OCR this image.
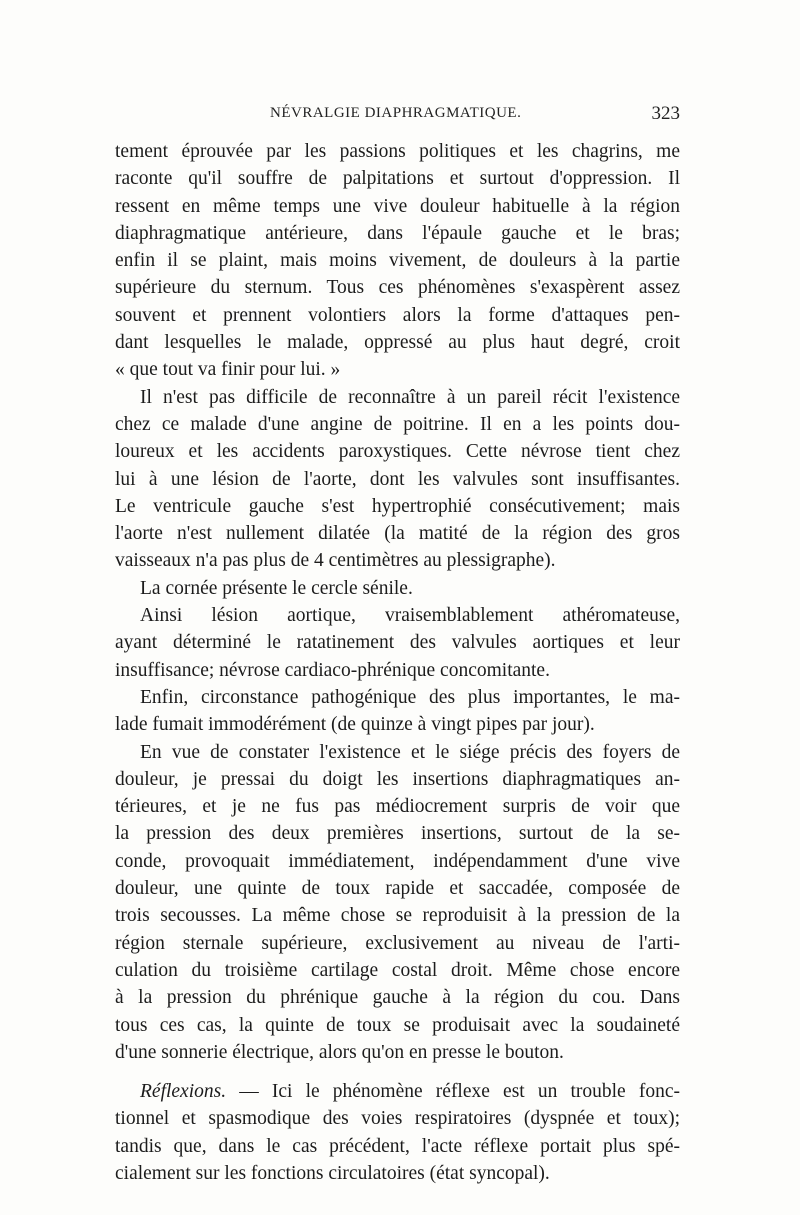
NÉVRALGIE DIAPHRAGMATIQUE.	323
tement éprouvée par les passions politiques et les chagrins, me
raconte qu'il souffre de palpitations et surtout d'oppression. Il
ressent en même temps une vive douleur habituelle à la région
diaphragmatique antérieure, dans l'épaule gauche et le bras;
enfin il se plaint, mais moins vivement, de douleurs à la partie
supérieure du sternum. Tous ces phénomènes s'exaspèrent assez
souvent et prennent volontiers alors la forme d'attaques pen-
dant lesquelles le malade, oppressé au plus haut degré, croit
« que tout va finir pour lui. »
Il n'est pas difficile de reconnaître à un pareil récit l'existence
chez ce malade d'une angine de poitrine. Il en a les points dou-
loureux et les accidents paroxystiques. Cette névrose tient chez
lui à une lésion de l'aorte, dont les valvules sont insuffisantes.
Le ventricule gauche s'est hypertrophié consécutivement; mais
l'aorte n'est nullement dilatée (la matité de la région des gros
vaisseaux n'a pas plus de 4 centimètres au plessigraphe).
La cornée présente le cercle sénile.
Ainsi lésion aortique, vraisemblablement athéromateuse,
ayant déterminé le ratatinement des valvules aortiques et leur
insuffisance; névrose cardiaco-phrénique concomitante.
Enfin, circonstance pathogénique des plus importantes, le ma-
lade fumait immodérément (de quinze à vingt pipes par jour).
En vue de constater l'existence et le siége précis des foyers de
douleur, je pressai du doigt les insertions diaphragmatiques an-
térieures, et je ne fus pas médiocrement surpris de voir que
la pression des deux premières insertions, surtout de la se-
conde, provoquait immédiatement, indépendamment d'une vive
douleur, une quinte de toux rapide et saccadée, composée de
trois secousses. La même chose se reproduisit à la pression de la
région sternale supérieure, exclusivement au niveau de l'arti-
culation du troisième cartilage costal droit. Même chose encore
à la pression du phrénique gauche à la région du cou. Dans
tous ces cas, la quinte de toux se produisait avec la soudaineté
d'une sonnerie électrique, alors qu'on en presse le bouton.
Réflexions. — Ici le phénomène réflexe est un trouble fonc-
tionnel et spasmodique des voies respiratoires (dyspnée et toux);
tandis que, dans le cas précédent, l'acte réflexe portait plus spé-
cialement sur les fonctions circulatoires (état syncopal).
